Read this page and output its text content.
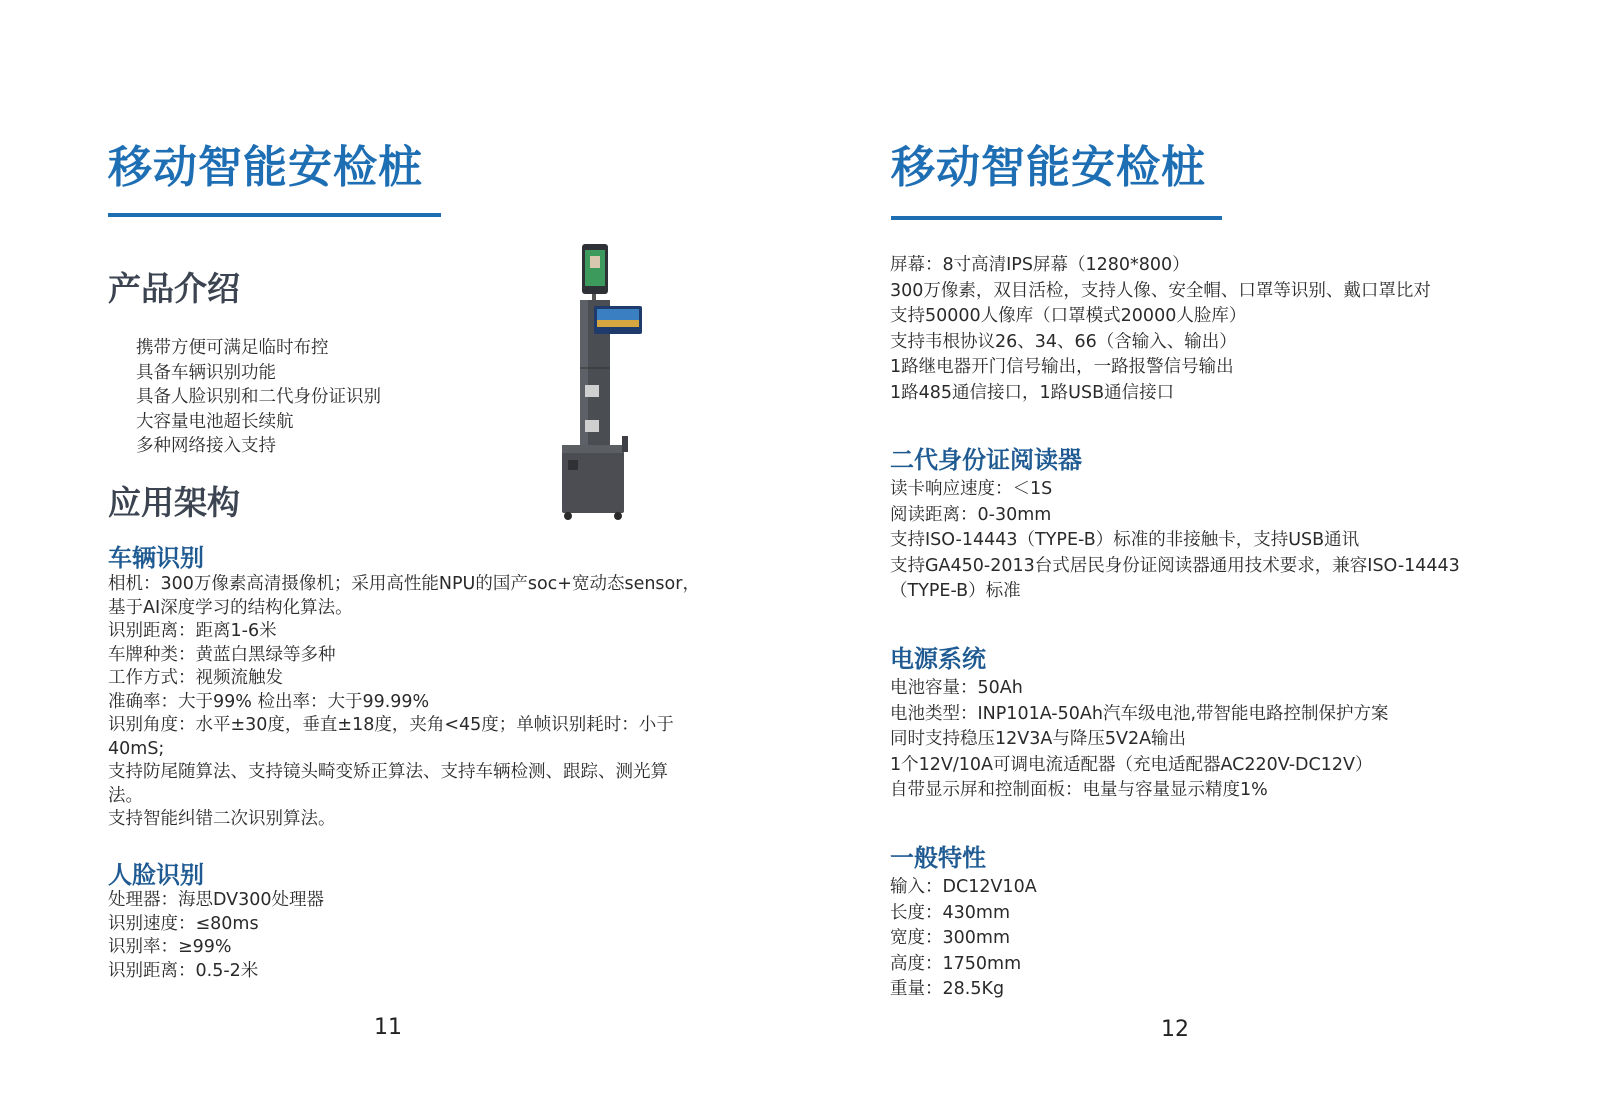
移动智能安检桩
产品介绍
携带方便可满足临时布控
具备车辆识别功能
具备人脸识别和二代身份证识别
大容量电池超长续航
多种网络接入支持
应用架构
车辆识别
相机：300万像素高清摄像机；采用高性能NPU的国产soc+宽动态sensor，
基于AI深度学习的结构化算法。
识别距离：距离1-6米
车牌种类：黄蓝白黑绿等多种
工作方式：视频流触发
准确率：大于99% 检出率：大于99.99%
识别角度：水平±30度，垂直±18度，夹角<45度；单帧识别耗时：小于
40mS;
支持防尾随算法、支持镜头畸变矫正算法、支持车辆检测、跟踪、测光算
法。
支持智能纠错二次识别算法。
人脸识别
处理器：海思DV300处理器
识别速度：≤80ms
识别率：≥99%
识别距离：0.5-2米
11
移动智能安检桩
屏幕：8寸高清IPS屏幕（1280*800）
300万像素，双目活检，支持人像、安全帽、口罩等识别、戴口罩比对
支持50000人像库（口罩模式20000人脸库）
支持韦根协议26、34、66（含输入、输出）
1路继电器开门信号输出，一路报警信号输出
1路485通信接口，1路USB通信接口
二代身份证阅读器
读卡响应速度：＜1S
阅读距离：0-30mm
支持ISO-14443（TYPE-B）标准的非接触卡，支持USB通讯
支持GA450-2013台式居民身份证阅读器通用技术要求，兼容ISO-14443
（TYPE-B）标准
电源系统
电池容量：50Ah
电池类型：INP101A-50Ah汽车级电池,带智能电路控制保护方案
同时支持稳压12V3A与降压5V2A输出
1个12V/10A可调电流适配器（充电适配器AC220V-DC12V）
自带显示屏和控制面板：电量与容量显示精度1%
一般特性
输入：DC12V10A
长度：430mm
宽度：300mm
高度：1750mm
重量：28.5Kg
12
